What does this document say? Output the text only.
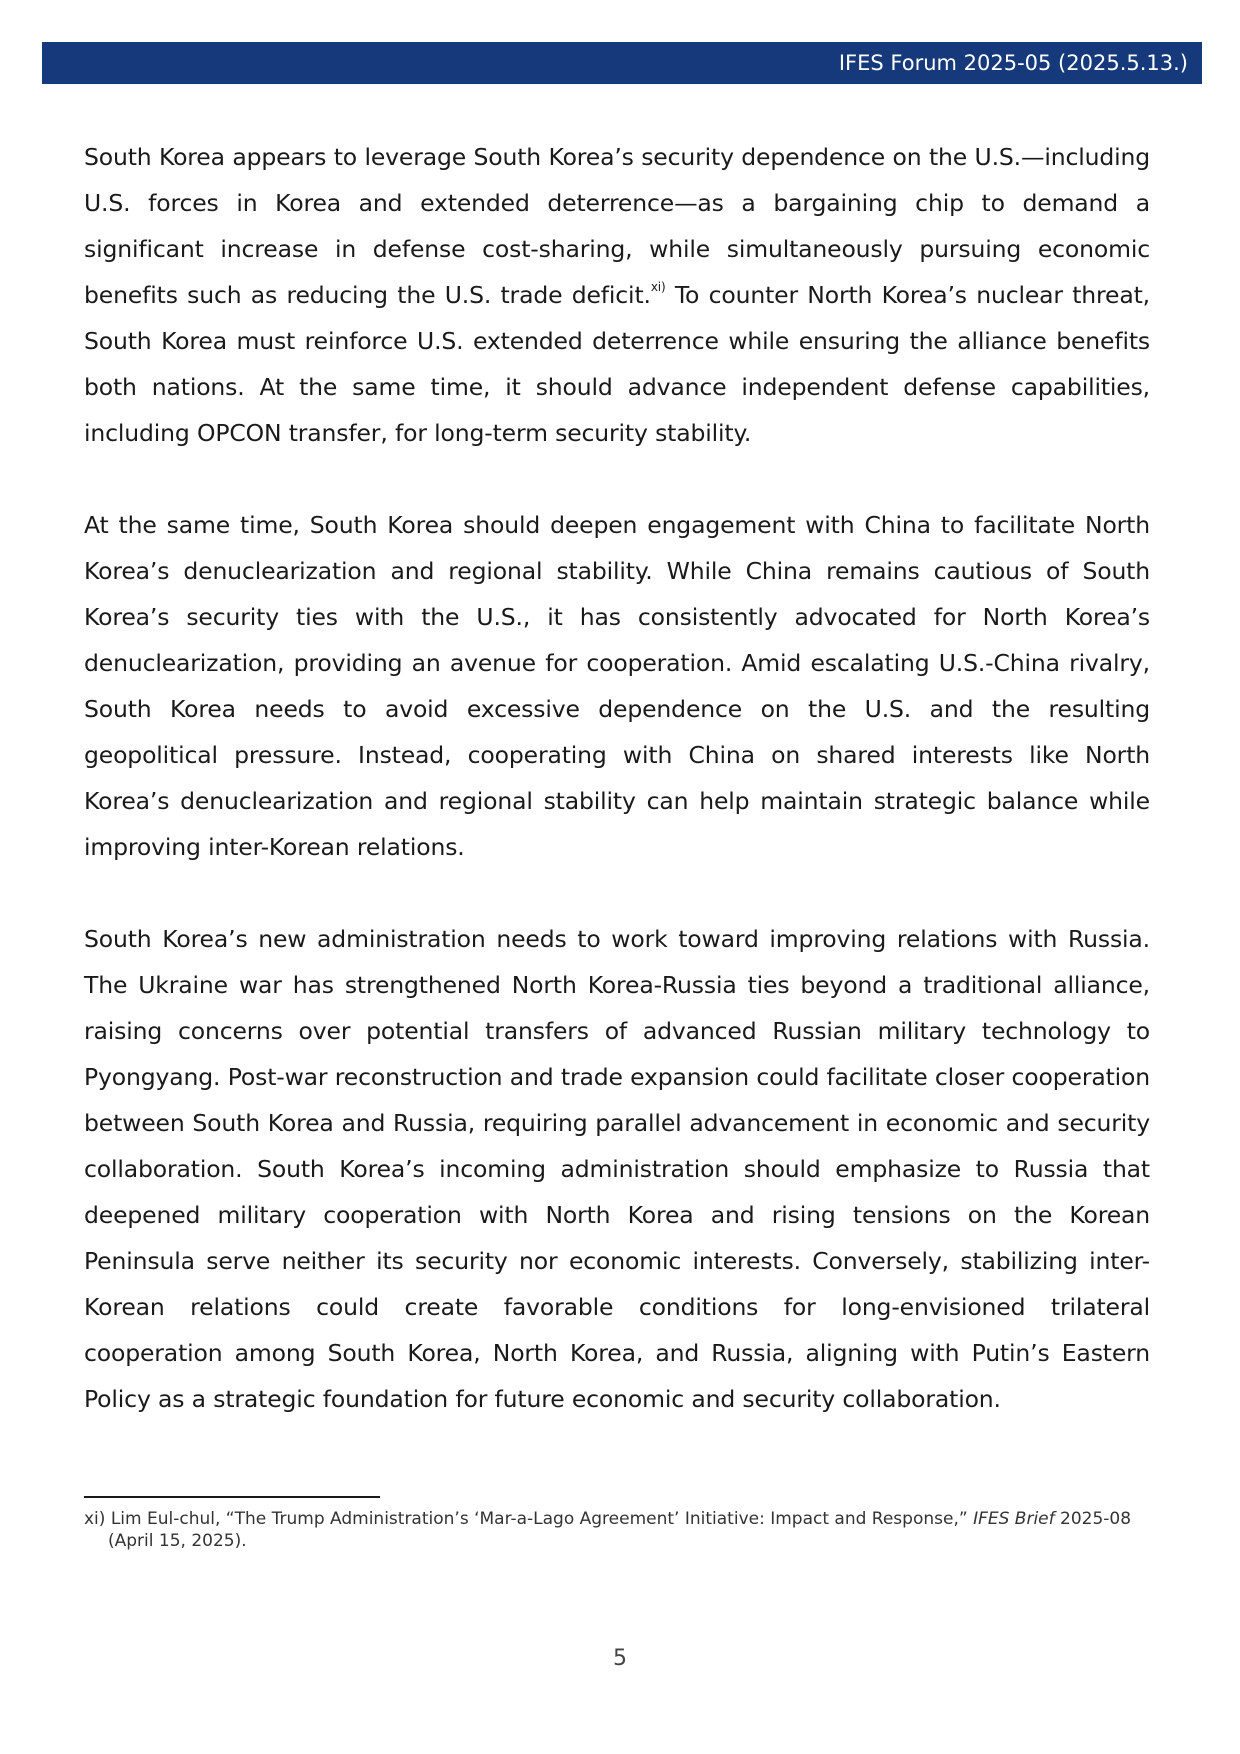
IFES Forum 2025-05 (2025.5.13.)

South Korea appears to leverage South Korea’s security dependence on the U.S.—including U.S. forces in Korea and extended deterrence—as a bargaining chip to demand a significant increase in defense cost-sharing, while simultaneously pursuing economic benefits such as reducing the U.S. trade deficit.$^{xi)}$ To counter North Korea’s nuclear threat, South Korea must reinforce U.S. extended deterrence while ensuring the alliance benefits both nations. At the same time, it should advance independent defense capabilities, including OPCON transfer, for long-term security stability.

At the same time, South Korea should deepen engagement with China to facilitate North Korea’s denuclearization and regional stability. While China remains cautious of South Korea’s security ties with the U.S., it has consistently advocated for North Korea’s denuclearization, providing an avenue for cooperation. Amid escalating U.S.-China rivalry, South Korea needs to avoid excessive dependence on the U.S. and the resulting geopolitical pressure. Instead, cooperating with China on shared interests like North Korea’s denuclearization and regional stability can help maintain strategic balance while improving inter-Korean relations.

South Korea’s new administration needs to work toward improving relations with Russia. The Ukraine war has strengthened North Korea-Russia ties beyond a traditional alliance, raising concerns over potential transfers of advanced Russian military technology to Pyongyang. Post-war reconstruction and trade expansion could facilitate closer cooperation between South Korea and Russia, requiring parallel advancement in economic and security collaboration. South Korea’s incoming administration should emphasize to Russia that deepened military cooperation with North Korea and rising tensions on the Korean Peninsula serve neither its security nor economic interests. Conversely, stabilizing inter-Korean relations could create favorable conditions for long-envisioned trilateral cooperation among South Korea, North Korea, and Russia, aligning with Putin’s Eastern Policy as a strategic foundation for future economic and security collaboration.

xi) Lim Eul-chul, “The Trump Administration’s ‘Mar-a-Lago Agreement’ Initiative: Impact and Response,” IFES Brief 2025-08 (April 15, 2025).
5
